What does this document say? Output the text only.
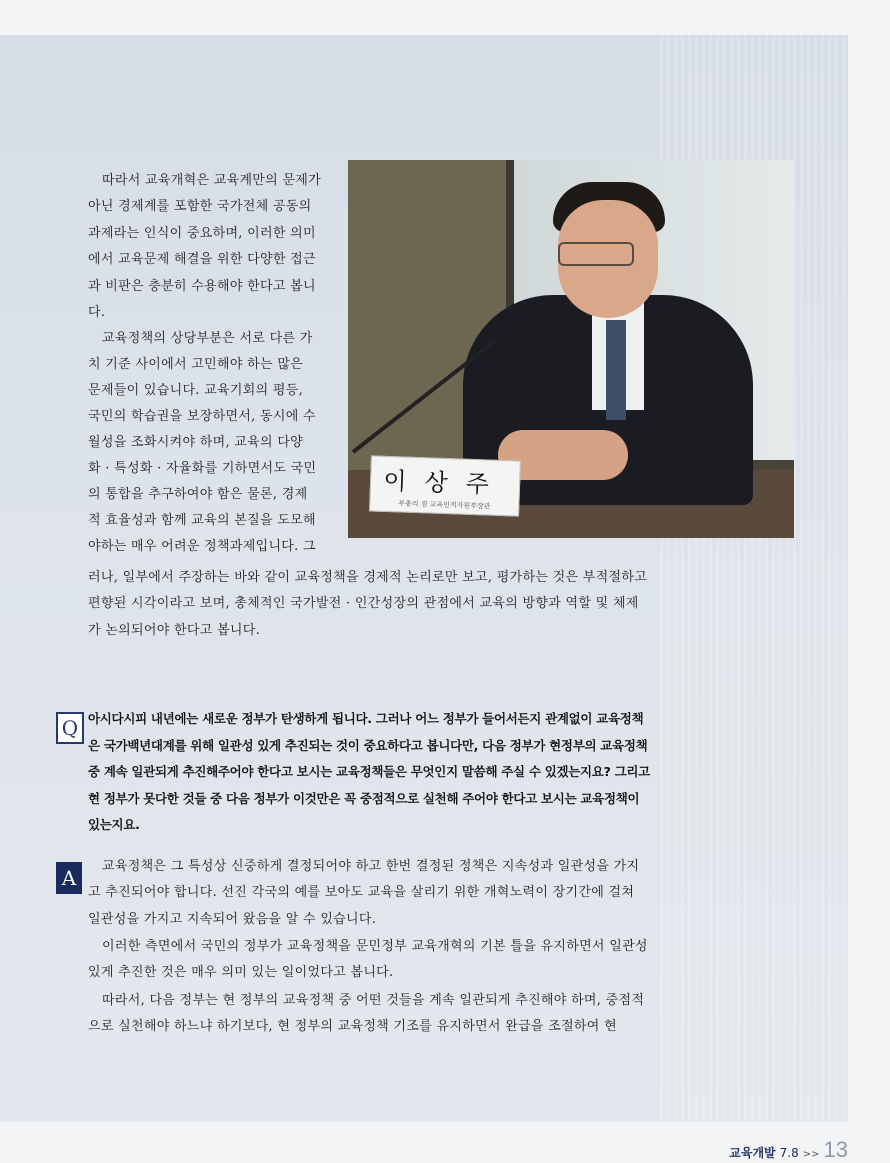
따라서 교육개혁은 교육계만의 문제가 아닌 경제계를 포함한 국가전체 공동의 과제라는 인식이 중요하며, 이러한 의미에서 교육문제 해결을 위한 다양한 접근과 비판은 충분히 수용해야 한다고 봅니다.

교육정책의 상당부분은 서로 다른 가

치 기준 사이에서 고민해야 하는 많은

문제들이 있습니다. 교육기회의 평등,

국민의 학습권을 보장하면서, 동시에 수

월성을 조화시켜야 하며, 교육의 다양

화 · 특성화 · 자율화를 기하면서도 국민

의 통합을 추구하여야 함은 물론, 경제

적 효율성과 함께 교육의 본질을 도모해

야하는 매우 어려운 정책과제입니다. 그

러나, 일부에서 주장하는 바와 같이 교육정책을 경제적 논리로만 보고, 평가하는 것은 부적절하고 편향된 시각이라고 보며, 총체적인 국가발전 · 인간성장의 관점에서 교육의 방향과 역할 및 체제가 논의되어야 한다고 봅니다.

이상주
부총리 겸 교육인적자원부장관
Q 아시다시피 내년에는 새로운 정부가 탄생하게 됩니다. 그러나 어느 정부가 들어서든지 관계없이 교육정책은 국가백년대계를 위해 일관성 있게 추진되는 것이 중요하다고 봅니다만, 다음 정부가 현정부의 교육정책 중 계속 일관되게 추진해주어야 한다고 보시는 교육정책들은 무엇인지 말씀해 주실 수 있겠는지요? 그리고 현 정부가 못다한 것들 중 다음 정부가 이것만은 꼭 중점적으로 실천해 주어야 한다고 보시는 교육정책이 있는지요.

A	교육정책은 그 특성상 신중하게 결정되어야 하고 한번 결정된 정책은 지속성과 일관성을 가지고 추진되어야 합니다. 선진 각국의 예를 보아도 교육을 살리기 위한 개혁노력이 장기간에 걸쳐 일관성을 가지고 지속되어 왔음을 알 수 있습니다.

이러한 측면에서 국민의 정부가 교육정책을 문민정부 교육개혁의 기본 틀을 유지하면서 일관성 있게 추진한 것은 매우 의미 있는 일이었다고 봅니다.

따라서, 다음 정부는 현 정부의 교육정책 중 어떤 것들을 계속 일관되게 추진해야 하며, 중점적으로 실천해야 하느냐 하기보다, 현 정부의 교육정책 기조를 유지하면서 완급을 조절하여 현

교육개발 7.8 >> 13
